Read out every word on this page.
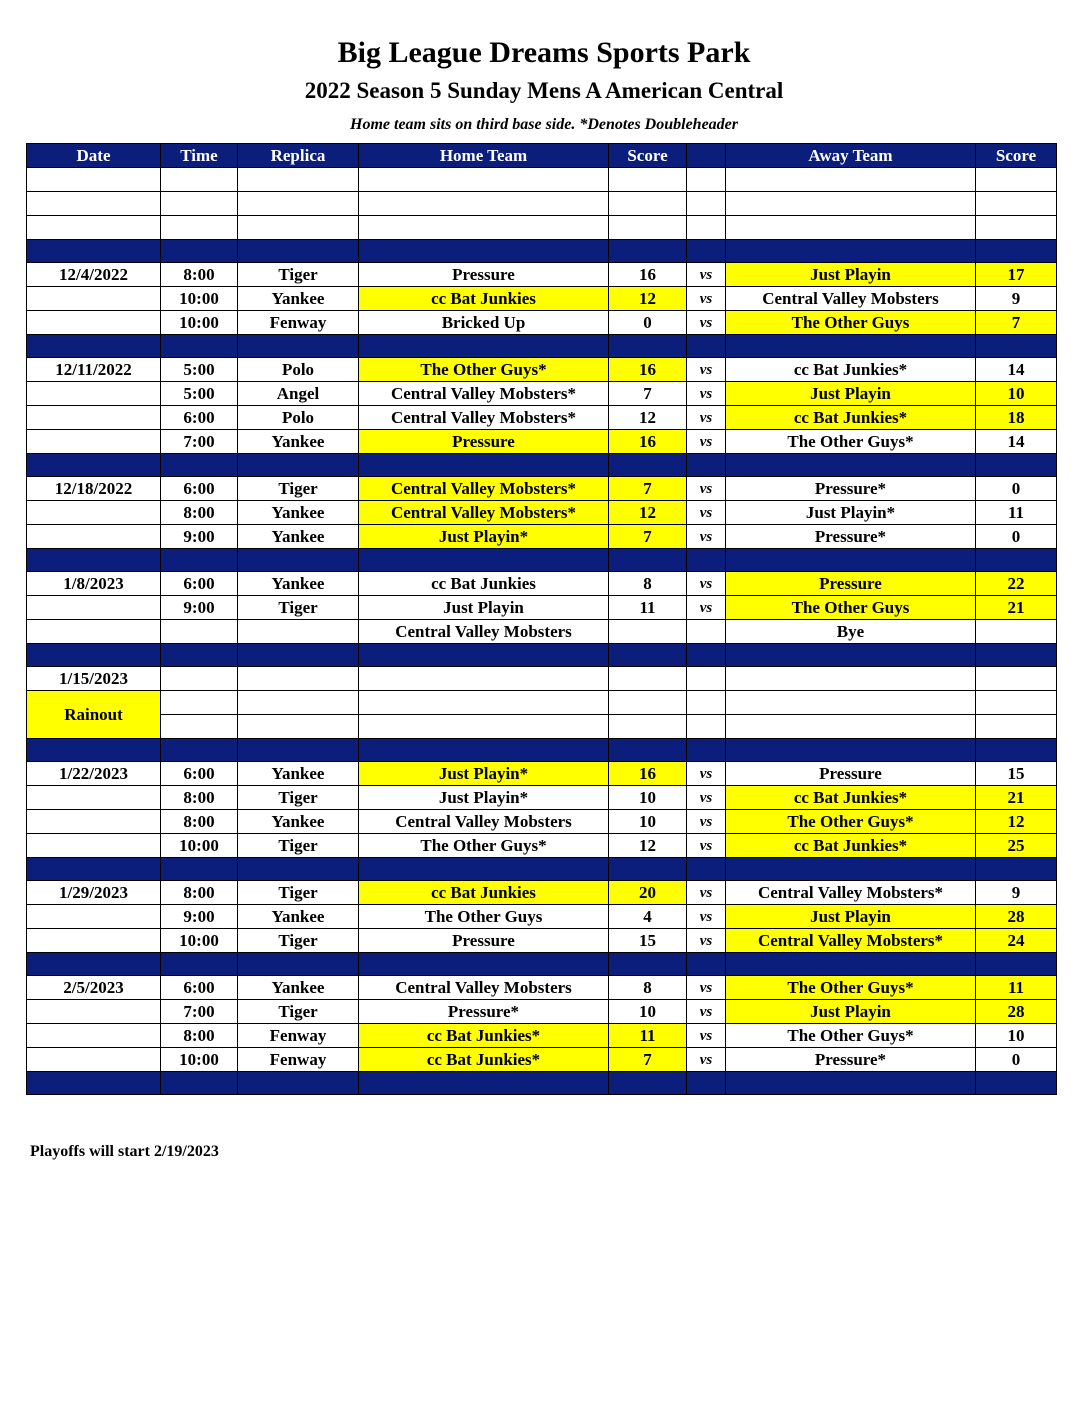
Big League Dreams Sports Park
2022 Season 5 Sunday Mens A American Central
Home team sits on third base side. *Denotes Doubleheader
Date	Time	Replica	Home Team	Score		Away Team	Score

12/4/2022	8:00	Tiger	Pressure	16	vs	Just Playin	17
	10:00	Yankee	cc Bat Junkies	12	vs	Central Valley Mobsters	9
	10:00	Fenway	Bricked Up	0	vs	The Other Guys	7

12/11/2022	5:00	Polo	The Other Guys*	16	vs	cc Bat Junkies*	14
	5:00	Angel	Central Valley Mobsters*	7	vs	Just Playin	10
	6:00	Polo	Central Valley Mobsters*	12	vs	cc Bat Junkies*	18
	7:00	Yankee	Pressure	16	vs	The Other Guys*	14

12/18/2022	6:00	Tiger	Central Valley Mobsters*	7	vs	Pressure*	0
	8:00	Yankee	Central Valley Mobsters*	12	vs	Just Playin*	11
	9:00	Yankee	Just Playin*	7	vs	Pressure*	0

1/8/2023	6:00	Yankee	cc Bat Junkies	8	vs	Pressure	22
	9:00	Tiger	Just Playin	11	vs	The Other Guys	21
			Central Valley Mobsters			Bye	

1/15/2023							
Rainout							

1/22/2023	6:00	Yankee	Just Playin*	16	vs	Pressure	15
	8:00	Tiger	Just Playin*	10	vs	cc Bat Junkies*	21
	8:00	Yankee	Central Valley Mobsters	10	vs	The Other Guys*	12
	10:00	Tiger	The Other Guys*	12	vs	cc Bat Junkies*	25

1/29/2023	8:00	Tiger	cc Bat Junkies	20	vs	Central Valley Mobsters*	9
	9:00	Yankee	The Other Guys	4	vs	Just Playin	28
	10:00	Tiger	Pressure	15	vs	Central Valley Mobsters*	24

2/5/2023	6:00	Yankee	Central Valley Mobsters	8	vs	The Other Guys*	11
	7:00	Tiger	Pressure*	10	vs	Just Playin	28
	8:00	Fenway	cc Bat Junkies*	11	vs	The Other Guys*	10
	10:00	Fenway	cc Bat Junkies*	7	vs	Pressure*	0

Playoffs will start 2/19/2023
